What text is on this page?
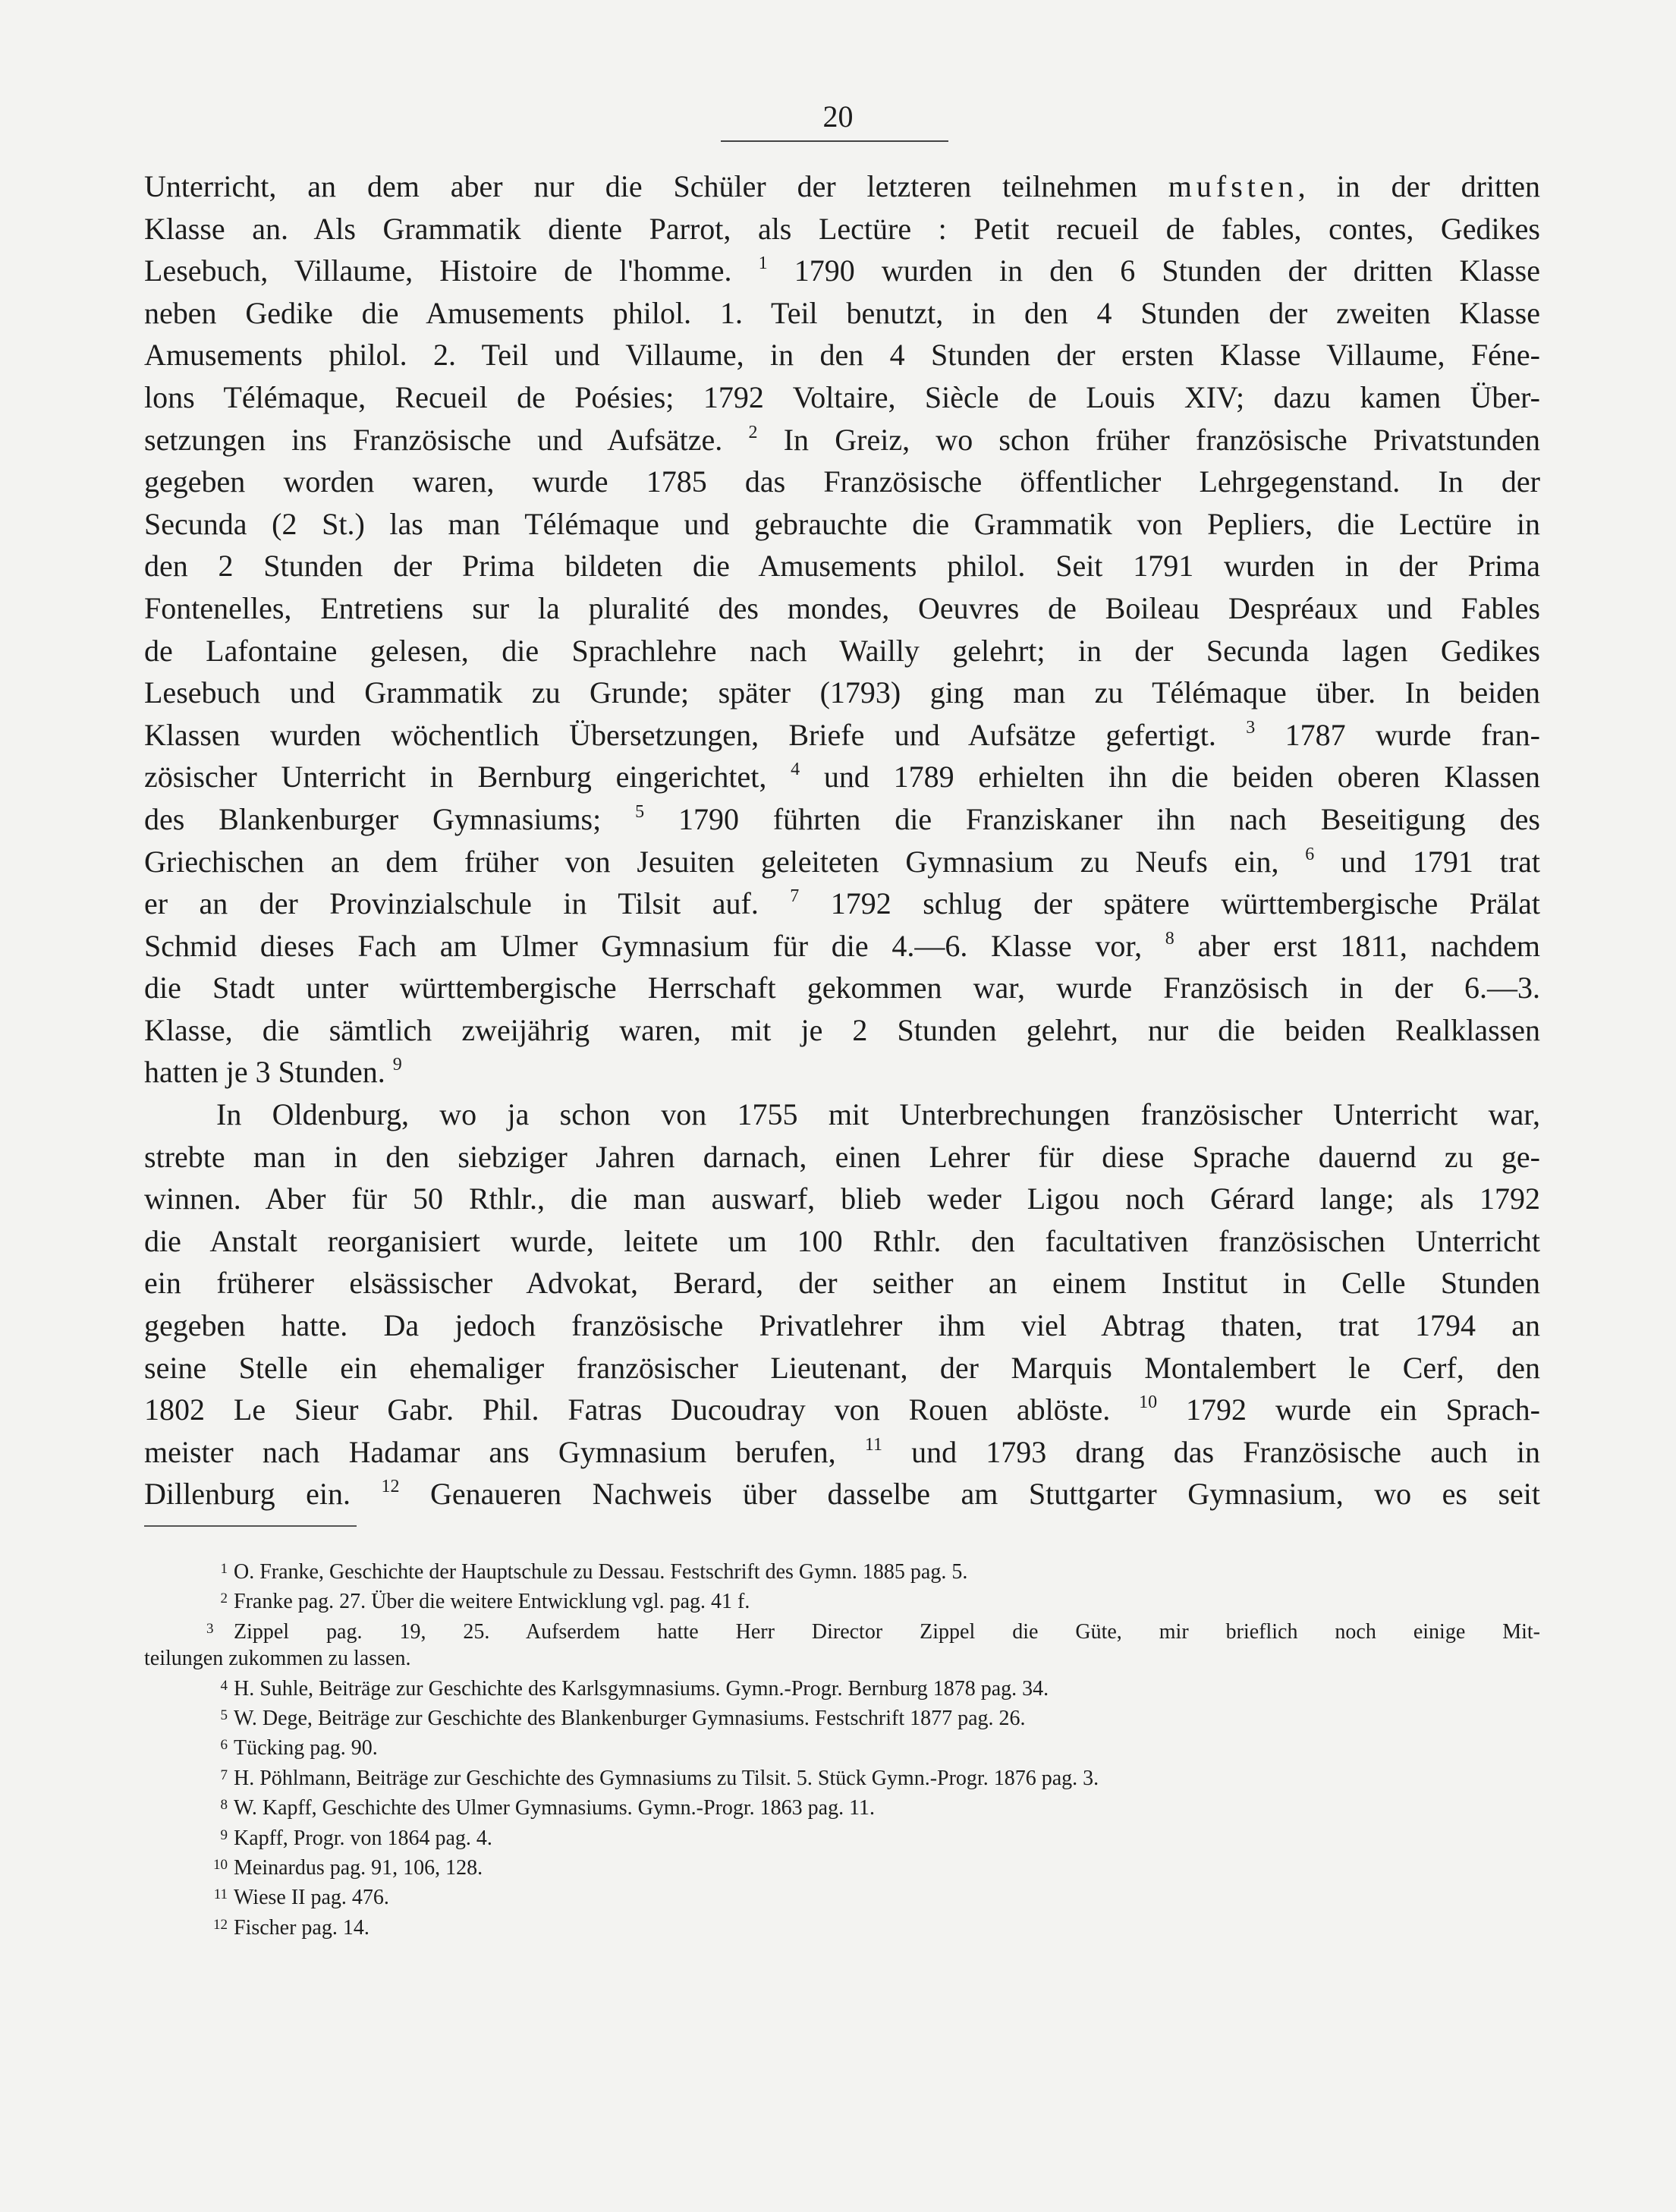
20
Unterricht, an dem aber nur die Schüler der letzteren teilnehmen mufsten, in der dritten
Klasse an. Als Grammatik diente Parrot, als Lectüre : Petit recueil de fables, contes, Gedikes
Lesebuch, Villaume, Histoire de l'homme. $^1$ 1790 wurden in den 6 Stunden der dritten Klasse
neben Gedike die Amusements philol. 1. Teil benutzt, in den 4 Stunden der zweiten Klasse
Amusements philol. 2. Teil und Villaume, in den 4 Stunden der ersten Klasse Villaume, Féne-
lons Télémaque, Recueil de Poésies; 1792 Voltaire, Siècle de Louis XIV; dazu kamen Über-
setzungen ins Französische und Aufsätze. $^2$ In Greiz, wo schon früher französische Privatstunden
gegeben worden waren, wurde 1785 das Französische öffentlicher Lehrgegenstand. In der
Secunda (2 St.) las man Télémaque und gebrauchte die Grammatik von Pepliers, die Lectüre in
den 2 Stunden der Prima bildeten die Amusements philol. Seit 1791 wurden in der Prima
Fontenelles, Entretiens sur la pluralité des mondes, Oeuvres de Boileau Despréaux und Fables
de Lafontaine gelesen, die Sprachlehre nach Wailly gelehrt; in der Secunda lagen Gedikes
Lesebuch und Grammatik zu Grunde; später (1793) ging man zu Télémaque über. In beiden
Klassen wurden wöchentlich Übersetzungen, Briefe und Aufsätze gefertigt. $^3$ 1787 wurde fran-
zösischer Unterricht in Bernburg eingerichtet, $^4$ und 1789 erhielten ihn die beiden oberen Klassen
des Blankenburger Gymnasiums; $^5$ 1790 führten die Franziskaner ihn nach Beseitigung des
Griechischen an dem früher von Jesuiten geleiteten Gymnasium zu Neufs ein, $^6$ und 1791 trat
er an der Provinzialschule in Tilsit auf. $^7$ 1792 schlug der spätere württembergische Prälat
Schmid dieses Fach am Ulmer Gymnasium für die 4.—6. Klasse vor, $^8$ aber erst 1811, nachdem
die Stadt unter württembergische Herrschaft gekommen war, wurde Französisch in der 6.—3.
Klasse, die sämtlich zweijährig waren, mit je 2 Stunden gelehrt, nur die beiden Realklassen
hatten je 3 Stunden. $^9$
In Oldenburg, wo ja schon von 1755 mit Unterbrechungen französischer Unterricht war,
strebte man in den siebziger Jahren darnach, einen Lehrer für diese Sprache dauernd zu ge-
winnen. Aber für 50 Rthlr., die man auswarf, blieb weder Ligou noch Gérard lange; als 1792
die Anstalt reorganisiert wurde, leitete um 100 Rthlr. den facultativen französischen Unterricht
ein früherer elsässischer Advokat, Berard, der seither an einem Institut in Celle Stunden
gegeben hatte. Da jedoch französische Privatlehrer ihm viel Abtrag thaten, trat 1794 an
seine Stelle ein ehemaliger französischer Lieutenant, der Marquis Montalembert le Cerf, den
1802 Le Sieur Gabr. Phil. Fatras Ducoudray von Rouen ablöste. $^{10}$ 1792 wurde ein Sprach-
meister nach Hadamar ans Gymnasium berufen, $^{11}$ und 1793 drang das Französische auch in
Dillenburg ein. $^{12}$ Genaueren Nachweis über dasselbe am Stuttgarter Gymnasium, wo es seit
1 O. Franke, Geschichte der Hauptschule zu Dessau. Festschrift des Gymn. 1885 pag. 5.
2 Franke pag. 27. Über die weitere Entwicklung vgl. pag. 41 f.
3 Zippel pag. 19, 25. Aufserdem hatte Herr Director Zippel die Güte, mir brieflich noch einige Mit-
teilungen zukommen zu lassen.
4 H. Suhle, Beiträge zur Geschichte des Karlsgymnasiums. Gymn.-Progr. Bernburg 1878 pag. 34.
5 W. Dege, Beiträge zur Geschichte des Blankenburger Gymnasiums. Festschrift 1877 pag. 26.
6 Tücking pag. 90.
7 H. Pöhlmann, Beiträge zur Geschichte des Gymnasiums zu Tilsit. 5. Stück Gymn.-Progr. 1876 pag. 3.
8 W. Kapff, Geschichte des Ulmer Gymnasiums. Gymn.-Progr. 1863 pag. 11.
9 Kapff, Progr. von 1864 pag. 4.
10 Meinardus pag. 91, 106, 128.
11 Wiese II pag. 476.
12 Fischer pag. 14.
